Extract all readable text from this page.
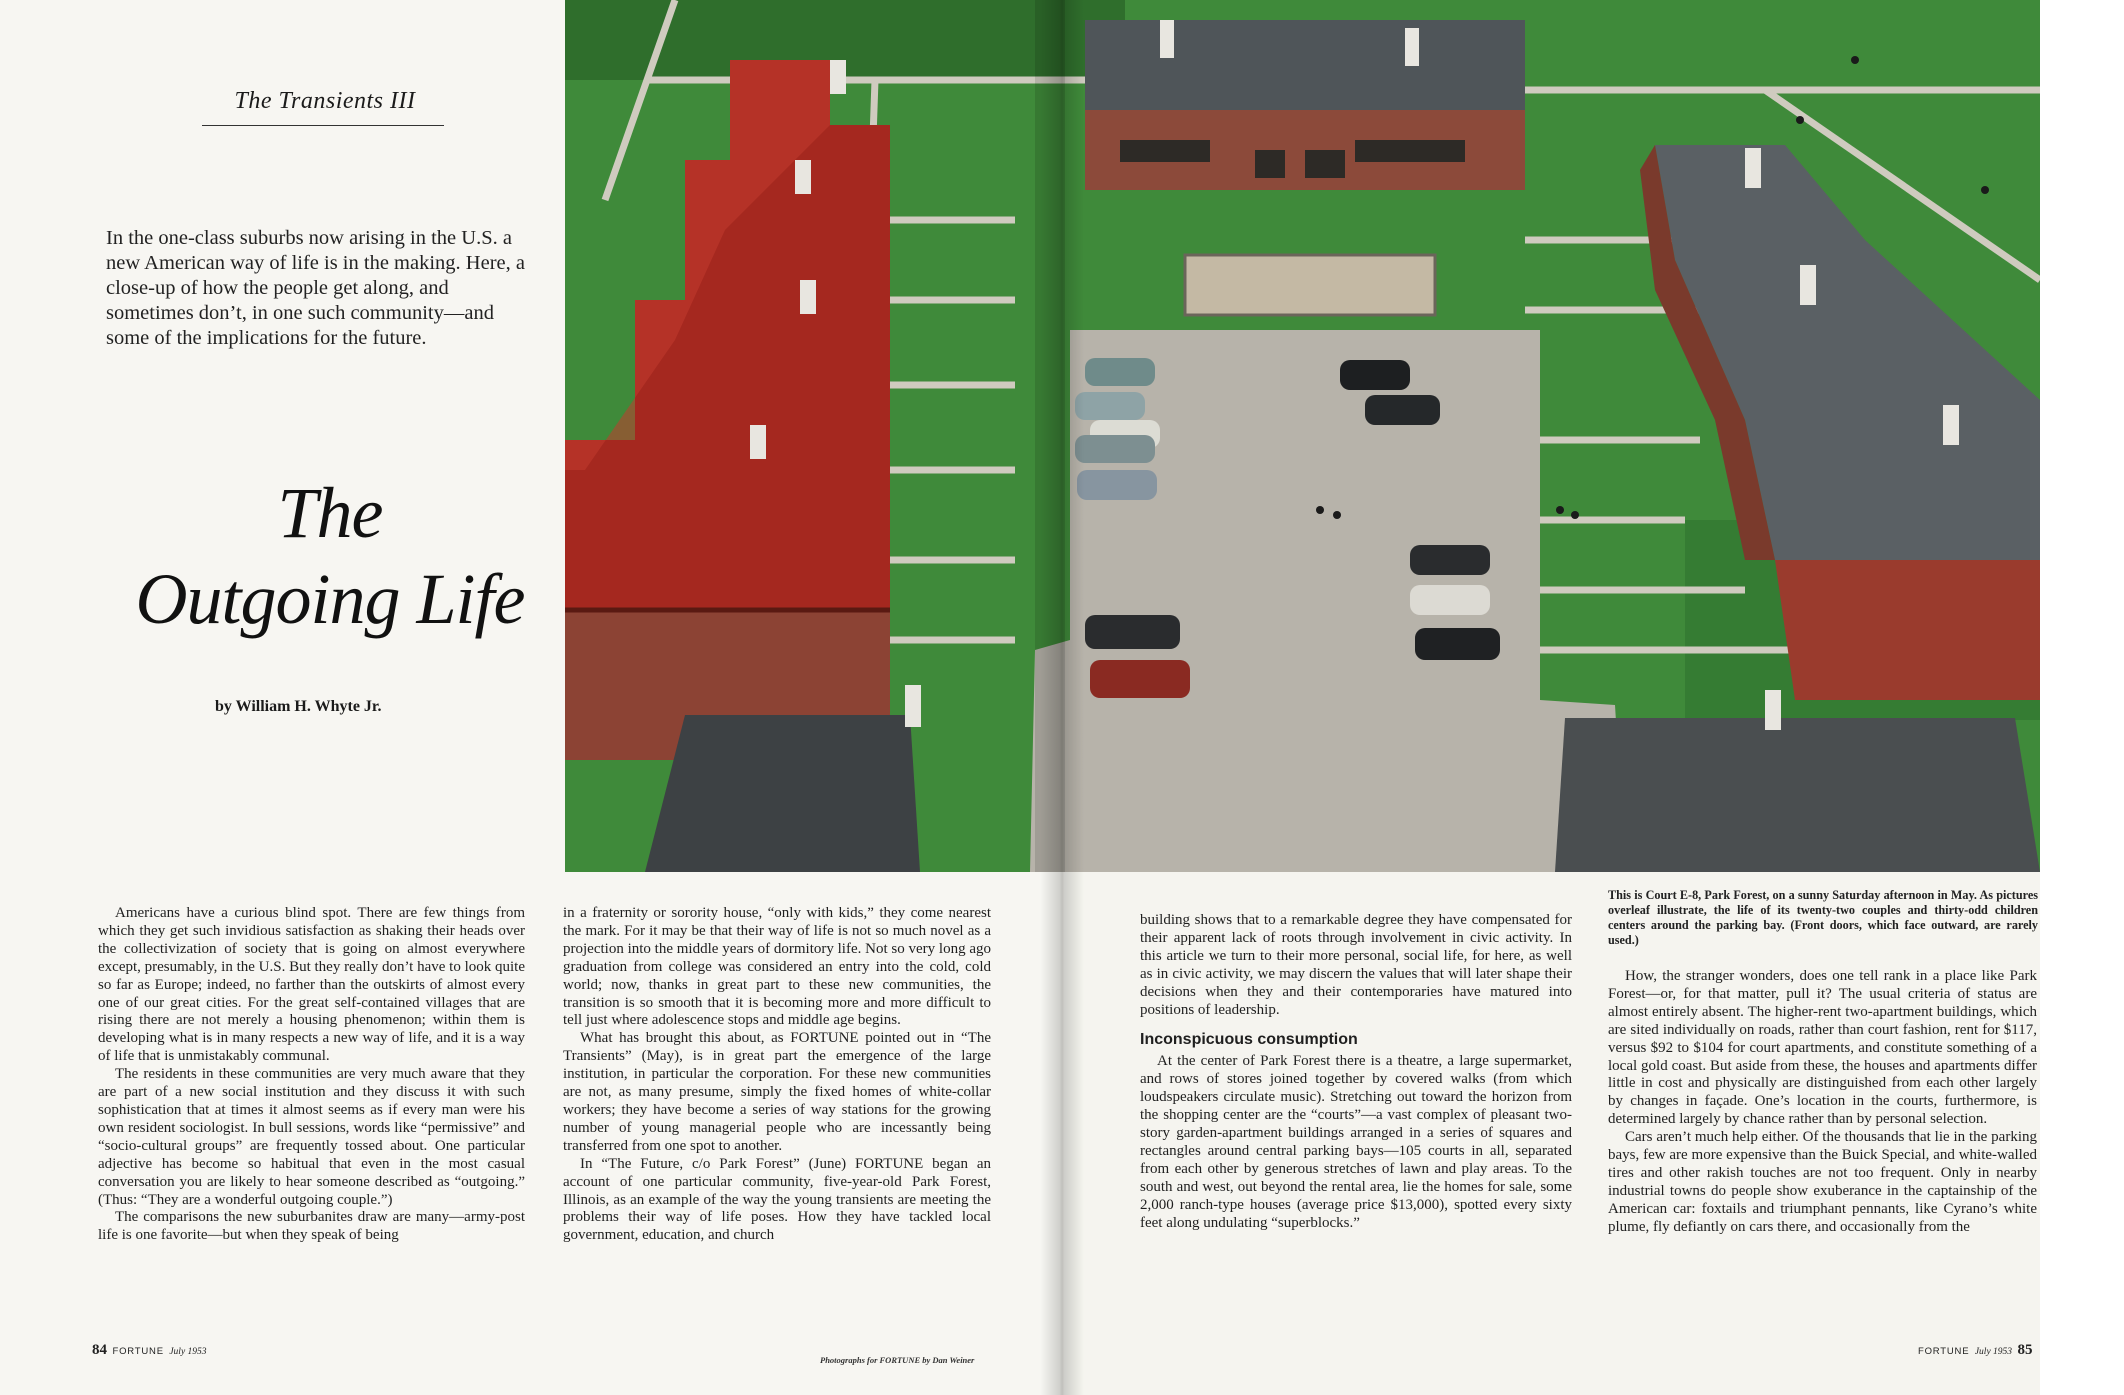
The Transients III
In the one-class suburbs now arising in the U.S. a new American way of life is in the making. Here, a close-up of how the people get along, and sometimes don’t, in one such community—and some of the implications for the future.
The
Outgoing Life
by William H. Whyte Jr.

Americans have a curious blind spot. There are few things from which they get such invidious satisfaction as shaking their heads over the collectivization of society that is going on almost everywhere except, presumably, in the U.S. But they really don’t have to look quite so far as Europe; indeed, no farther than the outskirts of almost every one of our great cities. For the great self-contained villages that are rising there are not merely a housing phenomenon; within them is developing what is in many respects a new way of life, and it is a way of life that is unmistakably communal.

The residents in these communities are very much aware that they are part of a new social institution and they discuss it with such sophistication that at times it almost seems as if every man were his own resident sociologist. In bull sessions, words like “permissive” and “socio-cultural groups” are frequently tossed about. One particular adjective has become so habitual that even in the most casual conversation you are likely to hear someone described as “outgoing.” (Thus: “They are a wonderful outgoing couple.”)

The comparisons the new suburbanites draw are many—army-post life is one favorite—but when they speak of being

in a fraternity or sorority house, “only with kids,” they come nearest the mark. For it may be that their way of life is not so much novel as a projection into the middle years of dormitory life. Not so very long ago graduation from college was considered an entry into the cold, cold world; now, thanks in great part to these new communities, the transition is so smooth that it is becoming more and more difficult to tell just where adolescence stops and middle age begins.

What has brought this about, as FORTUNE pointed out in “The Transients” (May), is in great part the emergence of the large institution, in particular the corporation. For these new communities are not, as many presume, simply the fixed homes of white-collar workers; they have become a series of way stations for the growing number of young managerial people who are incessantly being transferred from one spot to another.

In “The Future, c/o Park Forest” (June) FORTUNE began an account of one particular community, five-year-old Park Forest, Illinois, as an example of the way the young transients are meeting the problems their way of life poses. How they have tackled local government, education, and church

building shows that to a remarkable degree they have compensated for their apparent lack of roots through involvement in civic activity. In this article we turn to their more personal, social life, for here, as well as in civic activity, we may discern the values that will later shape their decisions when they and their contemporaries have matured into positions of leadership.

Inconspicuous consumption

At the center of Park Forest there is a theatre, a large supermarket, and rows of stores joined together by covered walks (from which loudspeakers circulate music). Stretching out toward the horizon from the shopping center are the “courts”—a vast complex of pleasant two-story garden-apartment buildings arranged in a series of squares and rectangles around central parking bays—105 courts in all, separated from each other by generous stretches of lawn and play areas. To the south and west, out beyond the rental area, lie the homes for sale, some 2,000 ranch-type houses (average price $13,000), spotted every sixty feet along undulating “superblocks.”

This is Court E-8, Park Forest, on a sunny Saturday afternoon in May. As pictures overleaf illustrate, the life of its twenty-two couples and thirty-odd children centers around the parking bay. (Front doors, which face outward, are rarely used.)

How, the stranger wonders, does one tell rank in a place like Park Forest—or, for that matter, pull it? The usual criteria of status are almost entirely absent. The higher-rent two-apartment buildings, which are sited individually on roads, rather than court fashion, rent for $117, versus $92 to $104 for court apartments, and constitute something of a local gold coast. But aside from these, the houses and apartments differ little in cost and physically are distinguished from each other largely by changes in façade. One’s location in the courts, furthermore, is determined largely by chance rather than by personal selection.

Cars aren’t much help either. Of the thousands that lie in the parking bays, few are more expensive than the Buick Special, and white-walled tires and other rakish touches are not too frequent. Only in nearby industrial towns do people show exuberance in the captainship of the American car: foxtails and triumphant pennants, like Cyrano’s white plume, fly defiantly on cars there, and occasionally from the

84 FORTUNE July 1953
Photographs for FORTUNE by Dan Weiner
FORTUNE July 1953 85
